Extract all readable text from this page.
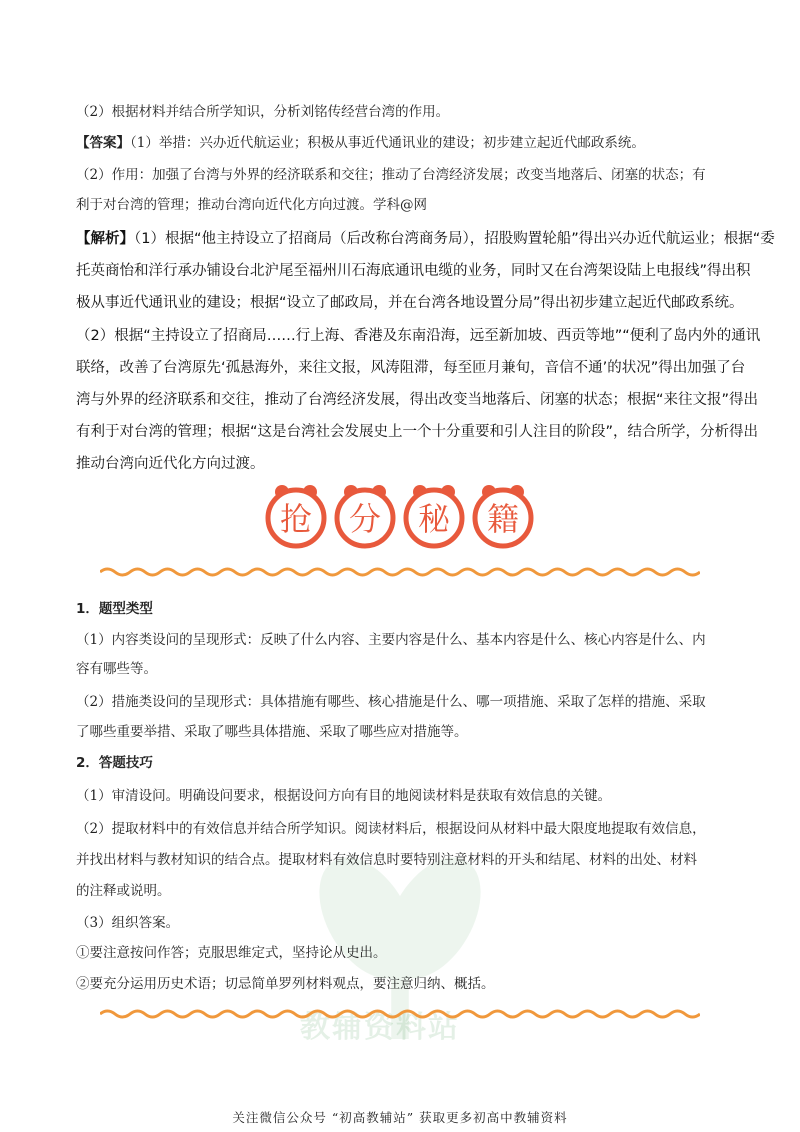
教辅资料站
（2）根据材料并结合所学知识，分析刘铭传经营台湾的作用。
【答案】（1）举措：兴办近代航运业；积极从事近代通讯业的建设；初步建立起近代邮政系统。
（2）作用：加强了台湾与外界的经济联系和交往；推动了台湾经济发展；改变当地落后、闭塞的状态；有
利于对台湾的管理；推动台湾向近代化方向过渡。学科@网
【解析】（1）根据“他主持设立了招商局（后改称台湾商务局），招股购置轮船”得出兴办近代航运业；根据“委
托英商怡和洋行承办铺设台北沪尾至福州川石海底通讯电缆的业务，同时又在台湾架设陆上电报线”得出积
极从事近代通讯业的建设；根据“设立了邮政局，并在台湾各地设置分局”得出初步建立起近代邮政系统。
（2）根据“主持设立了招商局……行上海、香港及东南沿海，远至新加坡、西贡等地”“便利了岛内外的通讯
联络，改善了台湾原先‘孤悬海外，来往文报，风涛阻滞，每至匝月兼旬，音信不通’的状况”得出加强了台
湾与外界的经济联系和交往，推动了台湾经济发展，得出改变当地落后、闭塞的状态；根据“来往文报”得出
有利于对台湾的管理；根据“这是台湾社会发展史上一个十分重要和引人注目的阶段”，结合所学，分析得出
推动台湾向近代化方向过渡。
抢 分 秘 籍
1．题型类型
（1）内容类设问的呈现形式：反映了什么内容、主要内容是什么、基本内容是什么、核心内容是什么、内
容有哪些等。
（2）措施类设问的呈现形式：具体措施有哪些、核心措施是什么、哪一项措施、采取了怎样的措施、采取
了哪些重要举措、采取了哪些具体措施、采取了哪些应对措施等。
2．答题技巧
（1）审清设问。明确设问要求，根据设问方向有目的地阅读材料是获取有效信息的关键。
（2）提取材料中的有效信息并结合所学知识。阅读材料后，根据设问从材料中最大限度地提取有效信息，
并找出材料与教材知识的结合点。提取材料有效信息时要特别注意材料的开头和结尾、材料的出处、材料
的注释或说明。
（3）组织答案。
①要注意按问作答；克服思维定式，坚持论从史出。
②要充分运用历史术语；切忌简单罗列材料观点，要注意归纳、概括。
关注微信公众号 “初高教辅站” 获取更多初高中教辅资料
